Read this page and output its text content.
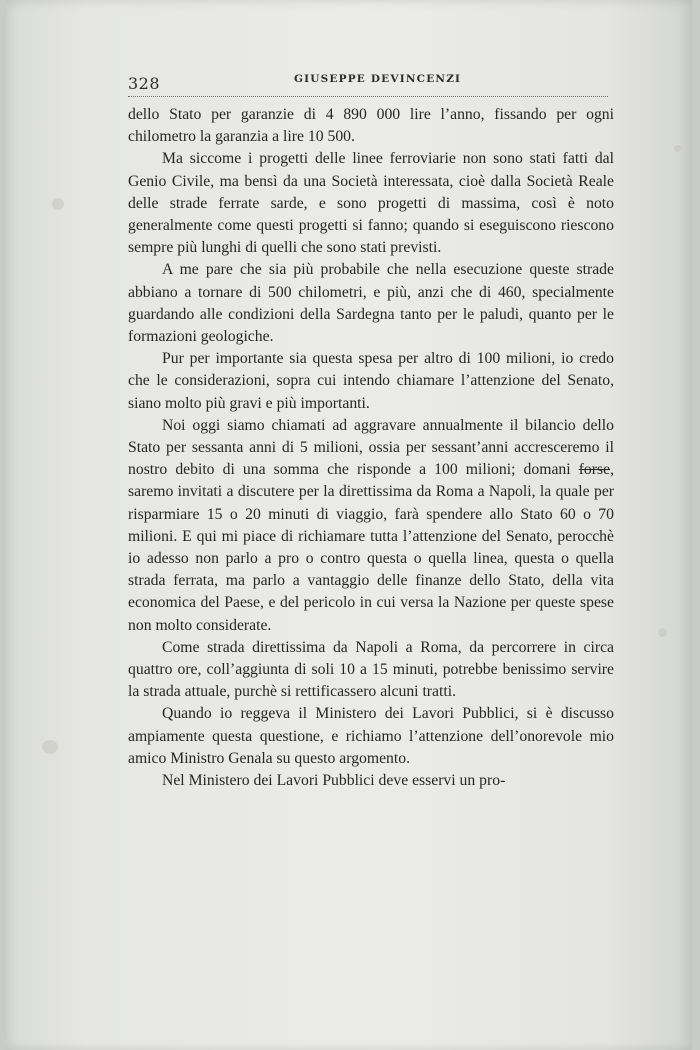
328	GIUSEPPE DEVINCENZI

dello Stato per garanzie di 4 890 000 lire l’anno, fissando per ogni chilometro la garanzia a lire 10 500.

Ma siccome i progetti delle linee ferroviarie non sono stati fatti dal Genio Civile, ma bensì da una Società interessata, cioè dalla Società Reale delle strade ferrate sarde, e sono progetti di massima, così è noto generalmente come questi progetti si fanno; quando si eseguiscono riescono sempre più lunghi di quelli che sono stati previsti.

A me pare che sia più probabile che nella esecuzione queste strade abbiano a tornare di 500 chilometri, e più, anzi che di 460, specialmente guardando alle condizioni della Sardegna tanto per le paludi, quanto per le formazioni geologiche.

Pur per importante sia questa spesa per altro di 100 milioni, io credo che le considerazioni, sopra cui intendo chiamare l’attenzione del Senato, siano molto più gravi e più importanti.

Noi oggi siamo chiamati ad aggravare annualmente il bilancio dello Stato per sessanta anni di 5 milioni, ossia per sessant’anni accresceremo il nostro debito di una somma che risponde a 100 milioni; domani forse, saremo invitati a discutere per la direttissima da Roma a Napoli, la quale per risparmiare 15 o 20 minuti di viaggio, farà spendere allo Stato 60 o 70 milioni. E qui mi piace di richiamare tutta l’attenzione del Senato, perocchè io adesso non parlo a pro o contro questa o quella linea, questa o quella strada ferrata, ma parlo a vantaggio delle finanze dello Stato, della vita economica del Paese, e del pericolo in cui versa la Nazione per queste spese non molto considerate.

Come strada direttissima da Napoli a Roma, da percorrere in circa quattro ore, coll’aggiunta di soli 10 a 15 minuti, potrebbe benissimo servire la strada attuale, purchè si rettificassero alcuni tratti.

Quando io reggeva il Ministero dei Lavori Pubblici, si è discusso ampiamente questa questione, e richiamo l’attenzione dell’onorevole mio amico Ministro Genala su questo argomento.

Nel Ministero dei Lavori Pubblici deve esservi un pro-
